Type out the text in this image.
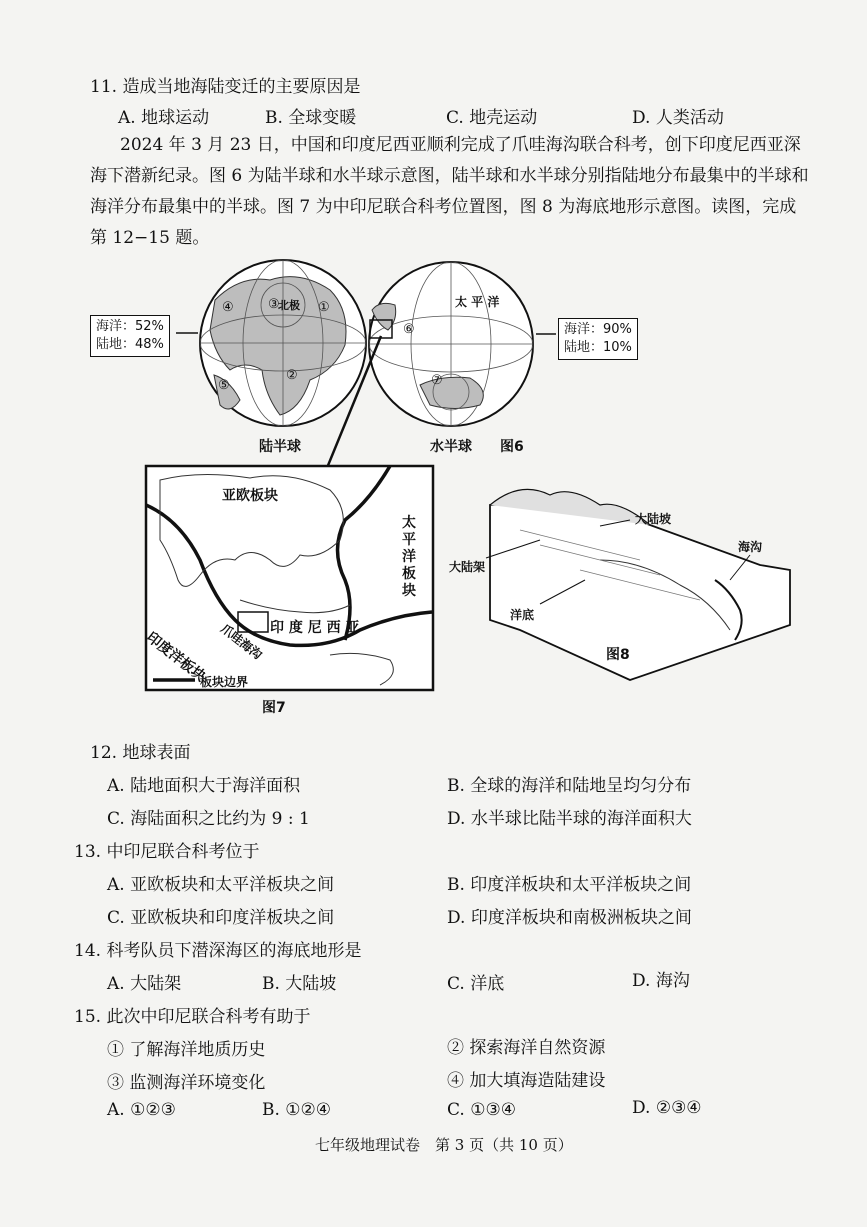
11. 造成当地海陆变迁的主要原因是
A. 地球运动	B. 全球变暖	C. 地壳运动	D. 人类活动
2024 年 3 月 23 日，中国和印度尼西亚顺利完成了爪哇海沟联合科考，创下印度尼西亚深海下潜新纪录。图 6 为陆半球和水半球示意图，陆半球和水半球分别指陆地分布最集中的半球和海洋分布最集中的半球。图 7 为中印尼联合科考位置图，图 8 为海底地形示意图。读图，完成第 12−15 题。
海洋：52%
陆地：48%
海洋：90%
陆地：10%
③	①
④
②
⑤
⑥
⑦
北极	太 平 洋
陆半球	水半球 图6
亚欧板块
太平洋板块
印度洋板块
印 度 尼 西 亚
爪哇海沟
板块边界
图7
大陆坡
大陆架
海沟
洋底
图8
12. 地球表面
A. 陆地面积大于海洋面积	B. 全球的海洋和陆地呈均匀分布
C. 海陆面积之比约为 9 : 1	D. 水半球比陆半球的海洋面积大
13. 中印尼联合科考位于
A. 亚欧板块和太平洋板块之间	B. 印度洋板块和太平洋板块之间
C. 亚欧板块和印度洋板块之间	D. 印度洋板块和南极洲板块之间
14. 科考队员下潜深海区的海底地形是
A. 大陆架	B. 大陆坡	C. 洋底	D. 海沟
15. 此次中印尼联合科考有助于
① 了解海洋地质历史	② 探索海洋自然资源
③ 监测海洋环境变化	④ 加大填海造陆建设
A. ①②③	B. ①②④	C. ①③④	D. ②③④
七年级地理试卷　第 3 页（共 10 页）
